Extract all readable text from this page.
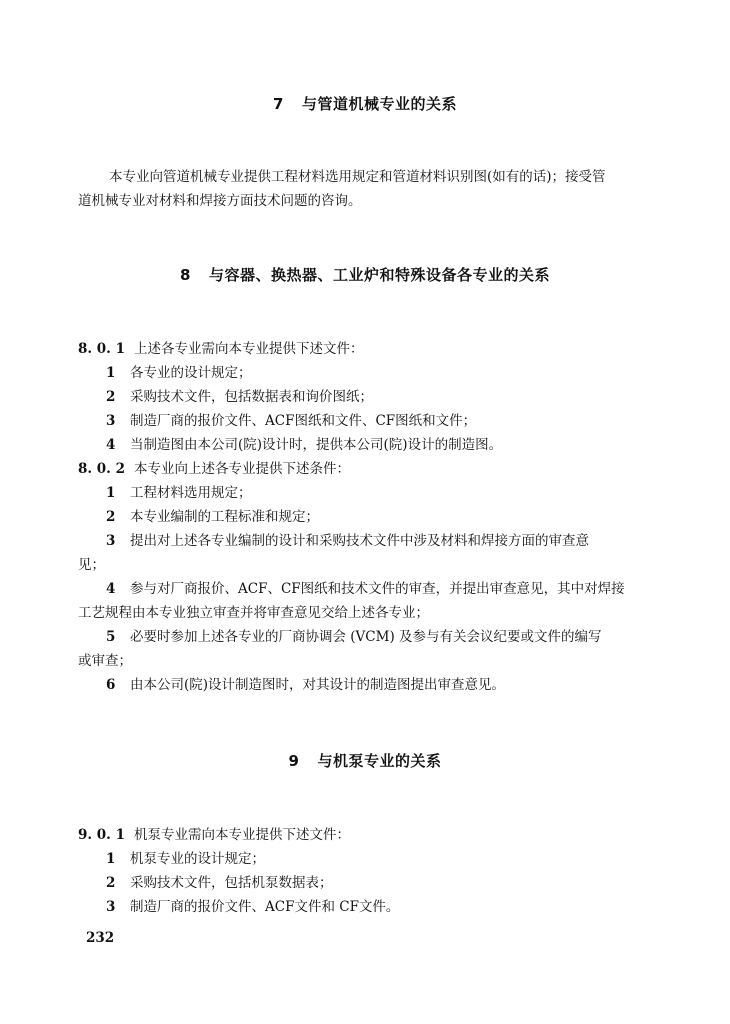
7 与管道机械专业的关系
本专业向管道机械专业提供工程材料选用规定和管道材料识别图(如有的话)；接受管
道机械专业对材料和焊接方面技术问题的咨询。
8 与容器、换热器、工业炉和特殊设备各专业的关系
8. 0. 1 上述各专业需向本专业提供下述文件：
1 各专业的设计规定；
2 采购技术文件，包括数据表和询价图纸；
3 制造厂商的报价文件、ACF图纸和文件、CF图纸和文件；
4 当制造图由本公司(院)设计时，提供本公司(院)设计的制造图。
8. 0. 2 本专业向上述各专业提供下述条件：
1 工程材料选用规定；
2 本专业编制的工程标准和规定；
3 提出对上述各专业编制的设计和采购技术文件中涉及材料和焊接方面的审查意
见；
4 参与对厂商报价、ACF、CF图纸和技术文件的审查，并提出审查意见，其中对焊接
工艺规程由本专业独立审查并将审查意见交给上述各专业；
5 必要时参加上述各专业的厂商协调会 (VCM) 及参与有关会议纪要或文件的编写
或审查；
6 由本公司(院)设计制造图时，对其设计的制造图提出审查意见。
9 与机泵专业的关系
9. 0. 1 机泵专业需向本专业提供下述文件：
1 机泵专业的设计规定；
2 采购技术文件，包括机泵数据表；
3 制造厂商的报价文件、ACF文件和 CF文件。
232
